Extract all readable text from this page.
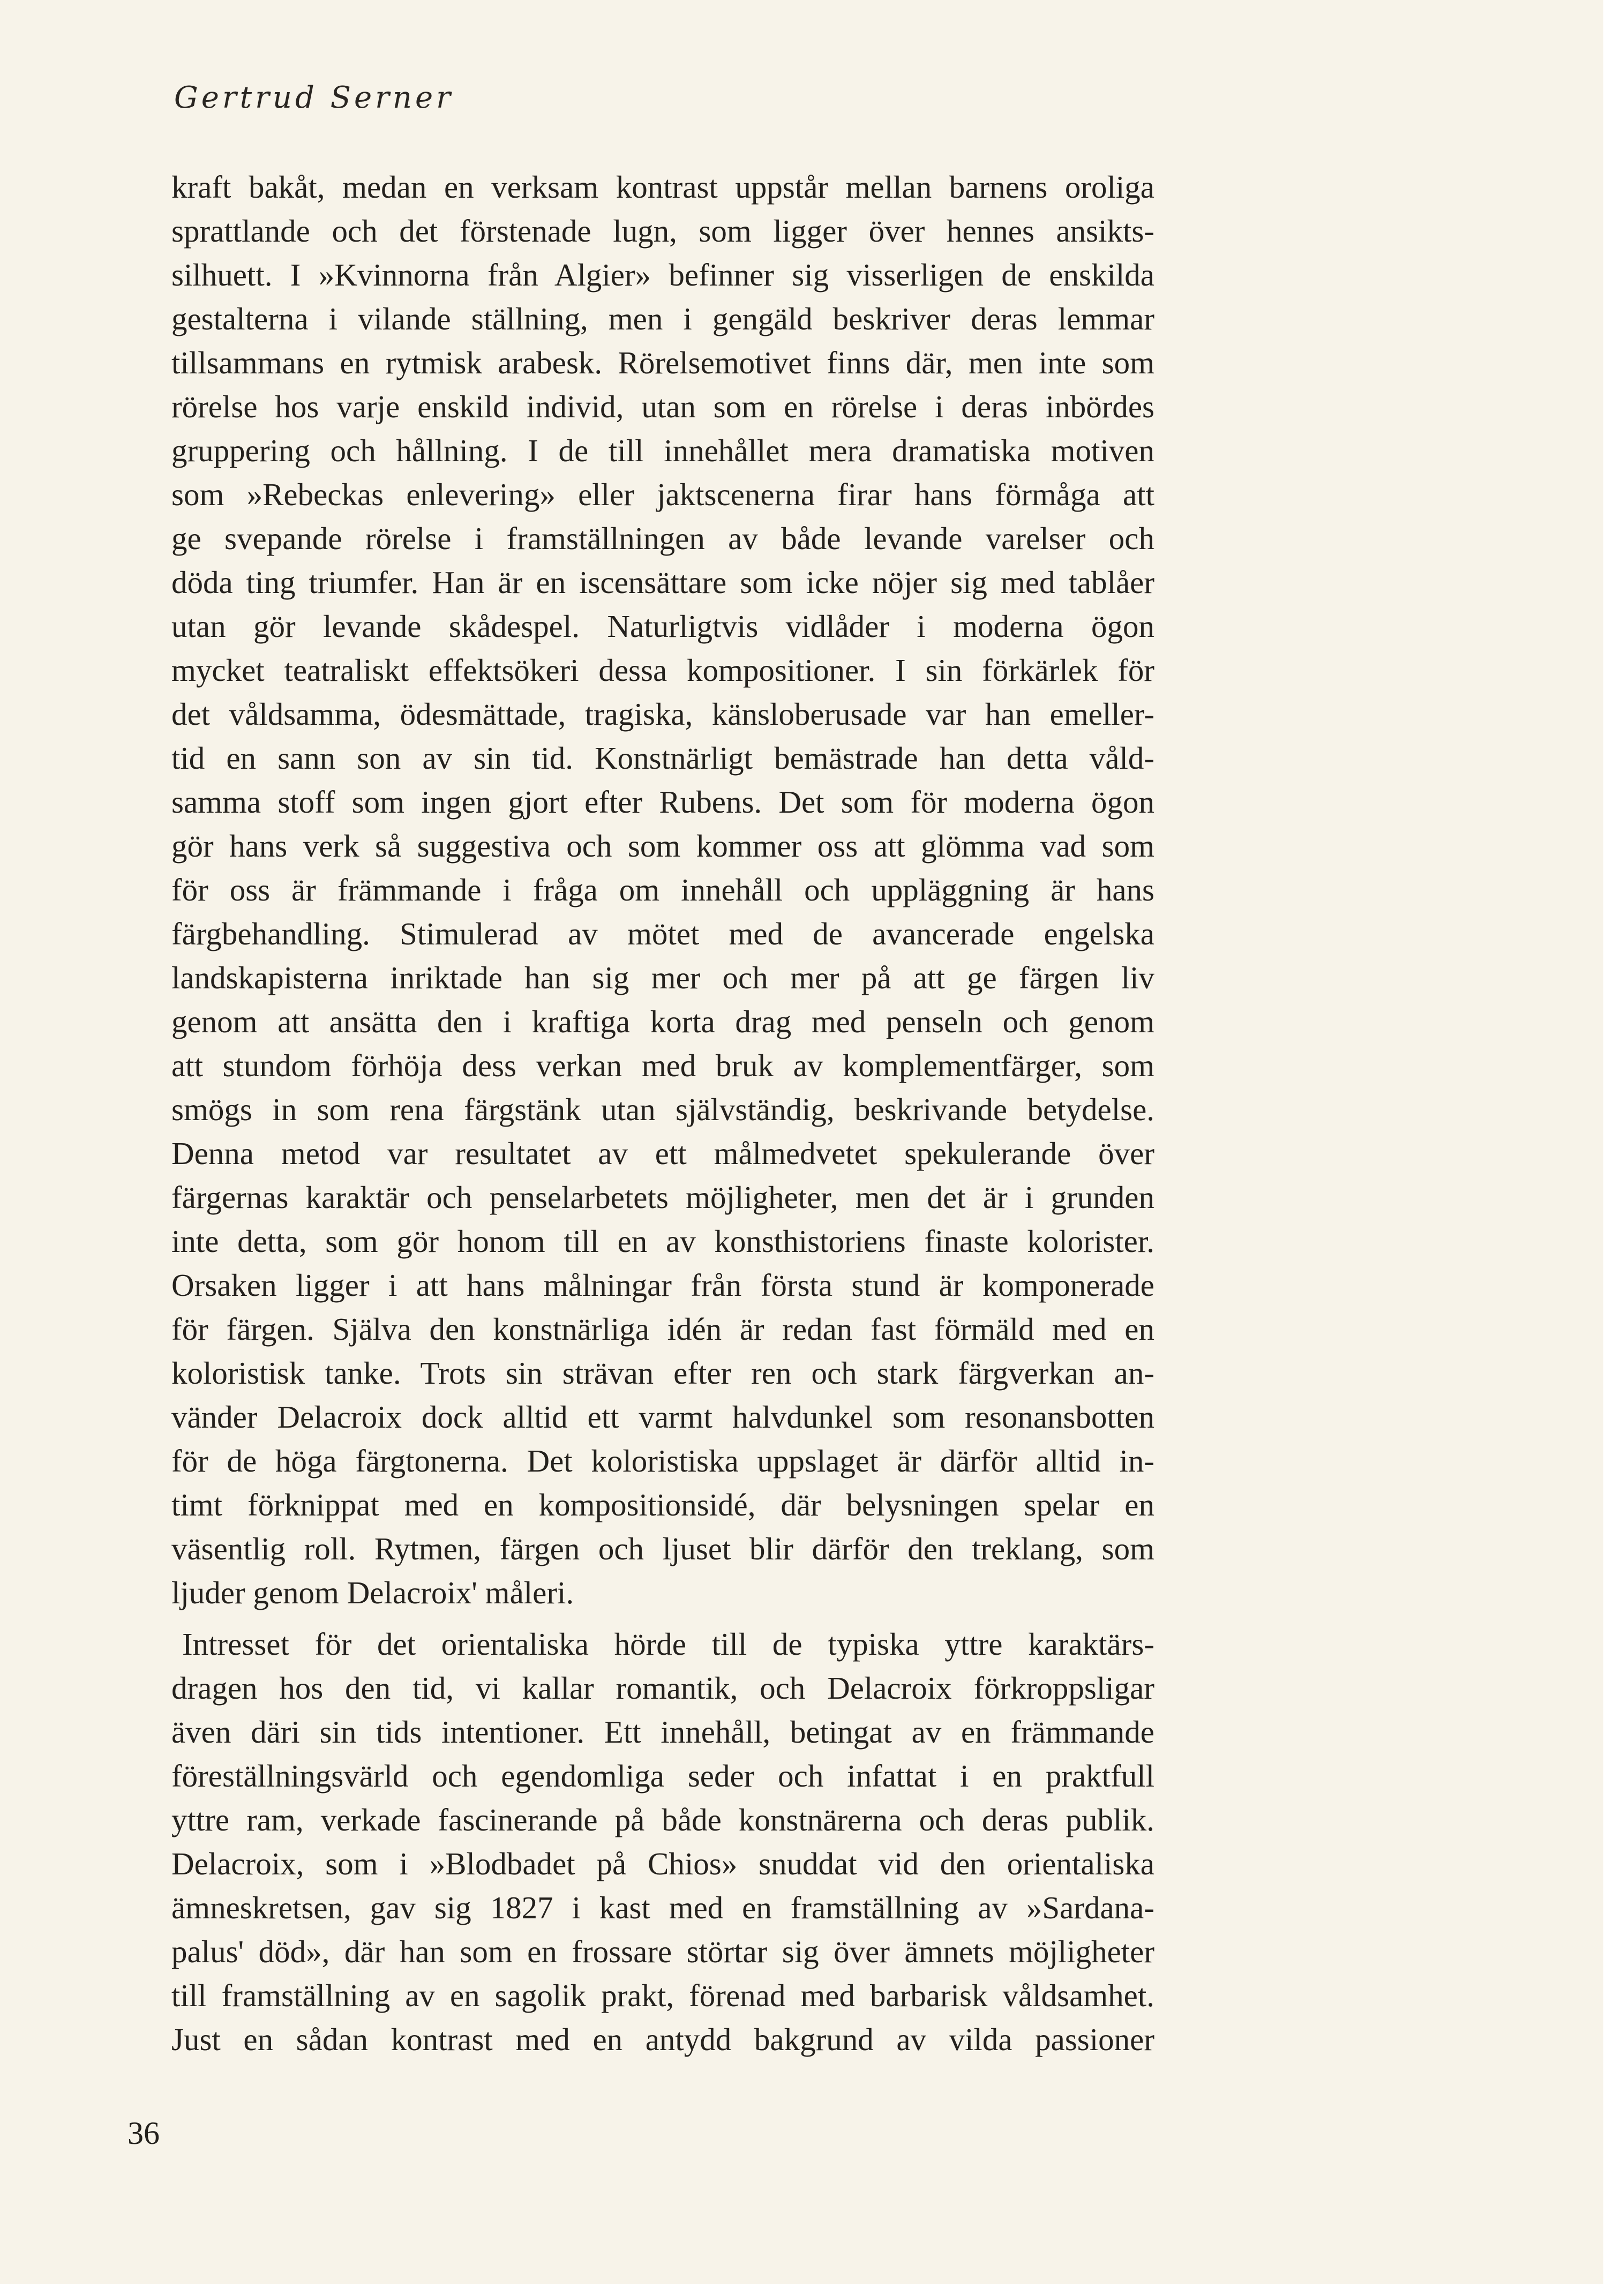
Gertrud Serner
kraft bakåt, medan en verksam kontrast uppstår mellan barnens oroliga
sprattlande och det förstenade lugn, som ligger över hennes ansikts-
silhuett. I »Kvinnorna från Algier» befinner sig visserligen de enskilda
gestalterna i vilande ställning, men i gengäld beskriver deras lemmar
tillsammans en rytmisk arabesk. Rörelsemotivet finns där, men inte som
rörelse hos varje enskild individ, utan som en rörelse i deras inbördes
gruppering och hållning. I de till innehållet mera dramatiska motiven
som »Rebeckas enlevering» eller jaktscenerna firar hans förmåga att
ge svepande rörelse i framställningen av både levande varelser och
döda ting triumfer. Han är en iscensättare som icke nöjer sig med tablåer
utan gör levande skådespel. Naturligtvis vidlåder i moderna ögon
mycket teatraliskt effektsökeri dessa kompositioner. I sin förkärlek för
det våldsamma, ödesmättade, tragiska, känsloberusade var han emeller-
tid en sann son av sin tid. Konstnärligt bemästrade han detta våld-
samma stoff som ingen gjort efter Rubens. Det som för moderna ögon
gör hans verk så suggestiva och som kommer oss att glömma vad som
för oss är främmande i fråga om innehåll och uppläggning är hans
färgbehandling. Stimulerad av mötet med de avancerade engelska
landskapisterna inriktade han sig mer och mer på att ge färgen liv
genom att ansätta den i kraftiga korta drag med penseln och genom
att stundom förhöja dess verkan med bruk av komplementfärger, som
smögs in som rena färgstänk utan självständig, beskrivande betydelse.
Denna metod var resultatet av ett målmedvetet spekulerande över
färgernas karaktär och penselarbetets möjligheter, men det är i grunden
inte detta, som gör honom till en av konsthistoriens finaste kolorister.
Orsaken ligger i att hans målningar från första stund är komponerade
för färgen. Själva den konstnärliga idén är redan fast förmäld med en
koloristisk tanke. Trots sin strävan efter ren och stark färgverkan an-
vänder Delacroix dock alltid ett varmt halvdunkel som resonansbotten
för de höga färgtonerna. Det koloristiska uppslaget är därför alltid in-
timt förknippat med en kompositionsidé, där belysningen spelar en
väsentlig roll. Rytmen, färgen och ljuset blir därför den treklang, som
ljuder genom Delacroix' måleri.
Intresset för det orientaliska hörde till de typiska yttre karaktärs-
dragen hos den tid, vi kallar romantik, och Delacroix förkroppsligar
även däri sin tids intentioner. Ett innehåll, betingat av en främmande
föreställningsvärld och egendomliga seder och infattat i en praktfull
yttre ram, verkade fascinerande på både konstnärerna och deras publik.
Delacroix, som i »Blodbadet på Chios» snuddat vid den orientaliska
ämneskretsen, gav sig 1827 i kast med en framställning av »Sardana-
palus' död», där han som en frossare störtar sig över ämnets möjligheter
till framställning av en sagolik prakt, förenad med barbarisk våldsamhet.
Just en sådan kontrast med en antydd bakgrund av vilda passioner
36
